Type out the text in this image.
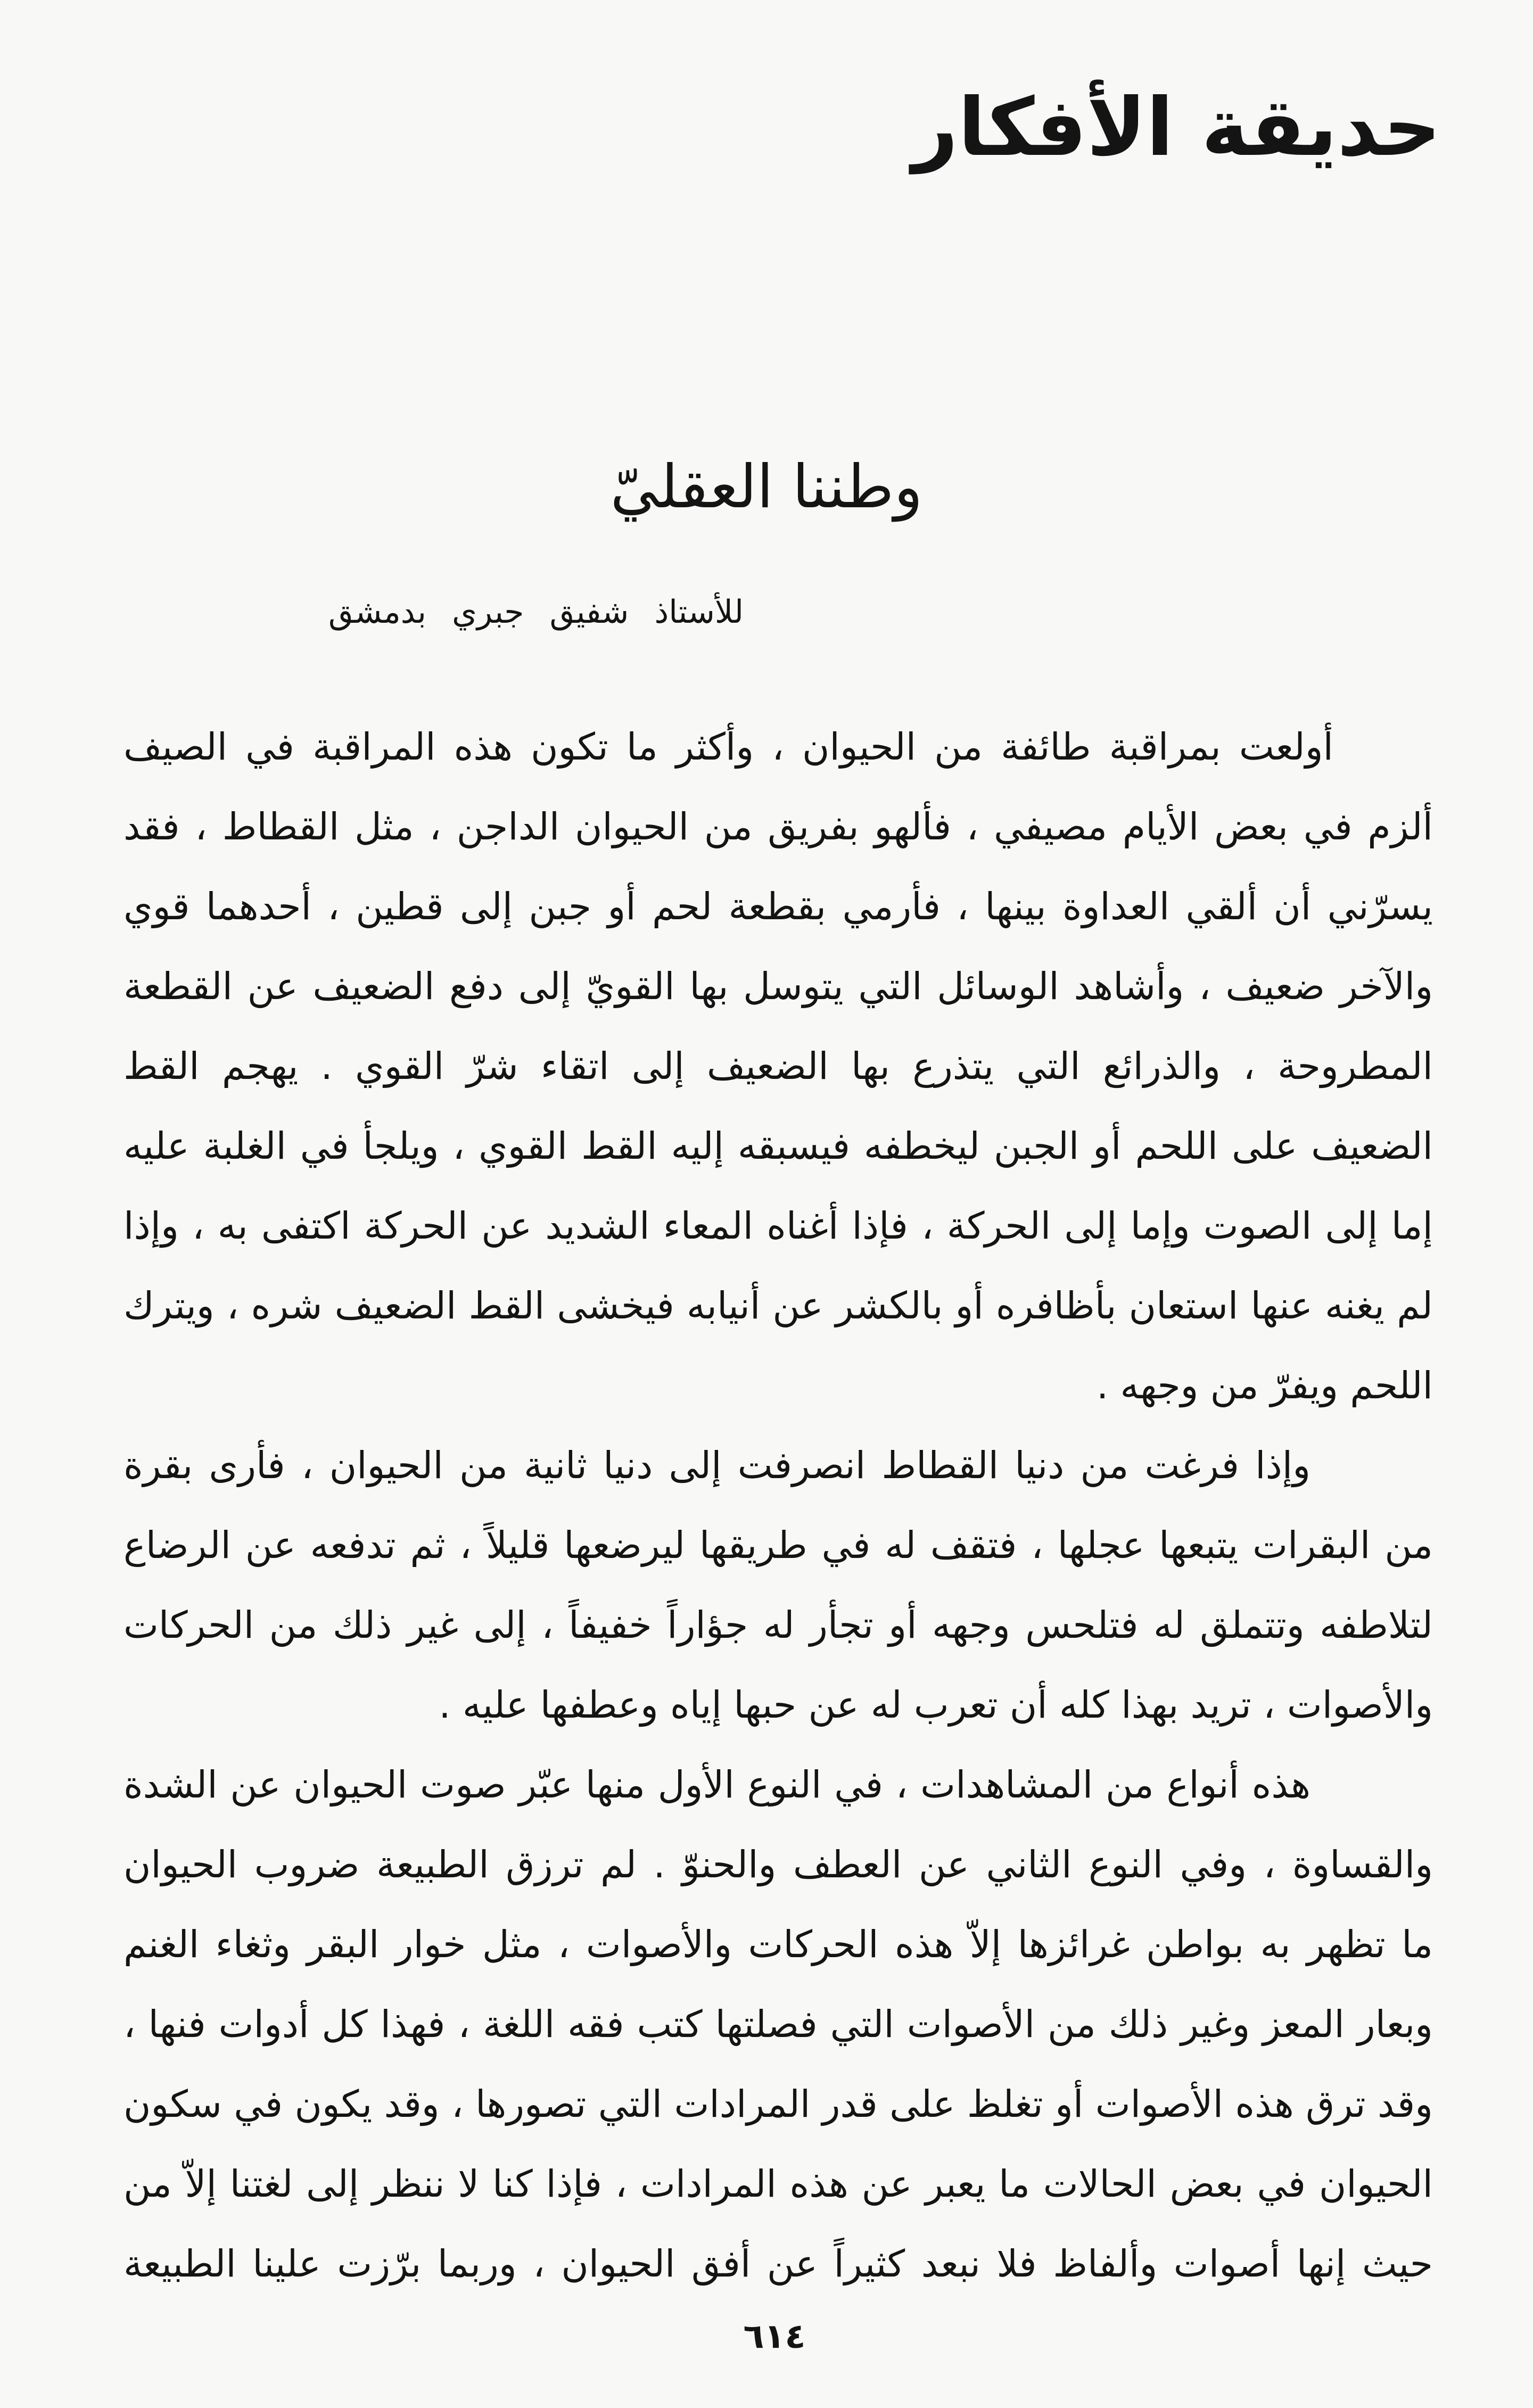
حديقة الأفكار
وطننا العقليّ
للأستاذ شفيق جبري بدمشق
أولعت بمراقبة طائفة من الحيوان ، وأكثر ما تكون هذه المراقبة في الصيف
ألزم في بعض الأيام مصيفي ، فألهو بفريق من الحيوان الداجن ، مثل القطاط ، فقد
يسرّني أن ألقي العداوة بينها ، فأرمي بقطعة لحم أو جبن إلى قطين ، أحدهما قوي
والآخر ضعيف ، وأشاهد الوسائل التي يتوسل بها القويّ إلى دفع الضعيف عن القطعة
المطروحة ، والذرائع التي يتذرع بها الضعيف إلى اتقاء شرّ القوي . يهجم القط
الضعيف على اللحم أو الجبن ليخطفه فيسبقه إليه القط القوي ، ويلجأ في الغلبة عليه
إما إلى الصوت وإما إلى الحركة ، فإذا أغناه المعاء الشديد عن الحركة اكتفى به ، وإذا
لم يغنه عنها استعان بأظافره أو بالكشر عن أنيابه فيخشى القط الضعيف شره ، ويترك
اللحم ويفرّ من وجهه .
وإذا فرغت من دنيا القطاط انصرفت إلى دنيا ثانية من الحيوان ، فأرى بقرة
من البقرات يتبعها عجلها ، فتقف له في طريقها ليرضعها قليلاً ، ثم تدفعه عن الرضاع
لتلاطفه وتتملق له فتلحس وجهه أو تجأر له جؤاراً خفيفاً ، إلى غير ذلك من الحركات
والأصوات ، تريد بهذا كله أن تعرب له عن حبها إياه وعطفها عليه .
هذه أنواع من المشاهدات ، في النوع الأول منها عبّر صوت الحيوان عن الشدة
والقساوة ، وفي النوع الثاني عن العطف والحنوّ . لم ترزق الطبيعة ضروب الحيوان
ما تظهر به بواطن غرائزها إلاّ هذه الحركات والأصوات ، مثل خوار البقر وثغاء الغنم
وبعار المعز وغير ذلك من الأصوات التي فصلتها كتب فقه اللغة ، فهذا كل أدوات فنها ،
وقد ترق هذه الأصوات أو تغلظ على قدر المرادات التي تصورها ، وقد يكون في سكون
الحيوان في بعض الحالات ما يعبر عن هذه المرادات ، فإذا كنا لا ننظر إلى لغتنا إلاّ من
حيث إنها أصوات وألفاظ فلا نبعد كثيراً عن أفق الحيوان ، وربما برّزت علينا الطبيعة
٦١٤
